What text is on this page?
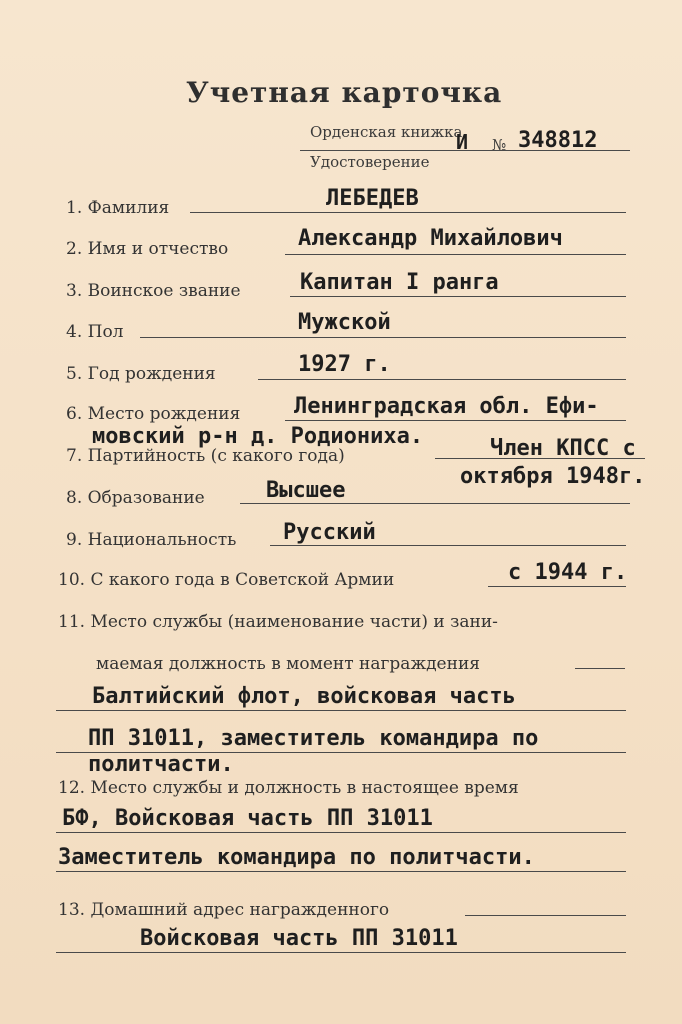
Учетная карточка
Орденская книжка
И № 348812
Удостоверение
1. Фамилия	ЛЕБЕДЕВ
2. Имя и отчество	Александр Михайлович
3. Воинское звание	Капитан I ранга
4. Пол	Мужской
5. Год рождения	1927 г.
6. Место рождения Ленинградская обл. Ефи-
мовский р-н д. Родиониха.
7. Партийность (с какого года)	Член КПСС с
октября 1948г.
8. Образование	Высшее
9. Национальность Русский
10. С какого года в Советской Армии	с 1944 г.
11. Место службы (наименование части) и зани-
маемая должность в момент награждения
Балтийский флот, войсковая часть
ПП 31011, заместитель командира по
политчасти.
12. Место службы и должность в настоящее время
БФ, Войсковая часть ПП 31011
Заместитель командира по политчасти.
13. Домашний адрес награжденного
Войсковая часть ПП 31011
